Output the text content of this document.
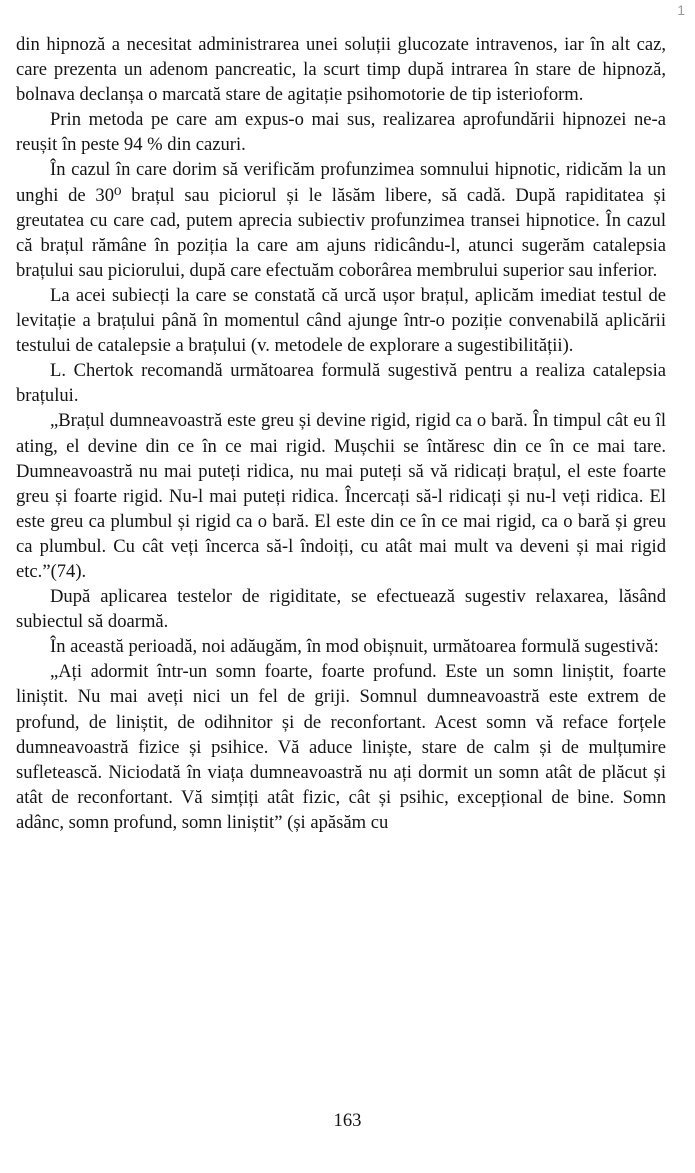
1

din hipnoză a necesitat administrarea unei soluții glucozate intravenos, iar în alt caz, care prezenta un adenom pancreatic, la scurt timp după intrarea în stare de hipnoză, bolnava declanșa o marcată stare de agitație psihomotorie de tip isterioform.

Prin metoda pe care am expus-o mai sus, realizarea aprofundării hipnozei ne-a reușit în peste 94 % din cazuri.

În cazul în care dorim să verificăm profunzimea somnului hipnotic, ridicăm la un unghi de 30⁰ brațul sau piciorul și le lăsăm libere, să cadă. După rapiditatea și greutatea cu care cad, putem aprecia subiectiv profunzimea transei hipnotice. În cazul că brațul rămâne în poziția la care am ajuns ridicându-l, atunci sugerăm catalepsia brațului sau piciorului, după care efectuăm coborârea membrului superior sau inferior.

La acei subiecți la care se constată că urcă ușor brațul, aplicăm imediat testul de levitație a brațului până în momentul când ajunge într-o poziție convenabilă aplicării testului de catalepsie a brațului (v. metodele de explorare a sugestibilității).

L. Chertok recomandă următoarea formulă sugestivă pentru a realiza catalepsia brațului.

„Brațul dumneavoastră este greu și devine rigid, rigid ca o bară. În timpul cât eu îl ating, el devine din ce în ce mai rigid. Mușchii se întăresc din ce în ce mai tare. Dumneavoastră nu mai puteți ridica, nu mai puteți să vă ridicați brațul, el este foarte greu și foarte rigid. Nu-l mai puteți ridica. Încercați să-l ridicați și nu-l veți ridica. El este greu ca plumbul și rigid ca o bară. El este din ce în ce mai rigid, ca o bară și greu ca plumbul. Cu cât veți încerca să-l îndoiți, cu atât mai mult va deveni și mai rigid etc.”(74).

După aplicarea testelor de rigiditate, se efectuează sugestiv relaxarea, lăsând subiectul să doarmă.

În această perioadă, noi adăugăm, în mod obișnuit, următoarea formulă sugestivă:

„Ați adormit într-un somn foarte, foarte profund. Este un somn liniștit, foarte liniștit. Nu mai aveți nici un fel de griji. Somnul dumneavoastră este extrem de profund, de liniștit, de odihnitor și de reconfortant. Acest somn vă reface forțele dumneavoastră fizice și psihice. Vă aduce liniște, stare de calm și de mulțumire sufletească. Niciodată în viața dumneavoastră nu ați dormit un somn atât de plăcut și atât de reconfortant. Vă simțiți atât fizic, cât și psihic, excepțional de bine. Somn adânc, somn profund, somn liniștit” (și apăsăm cu

163
